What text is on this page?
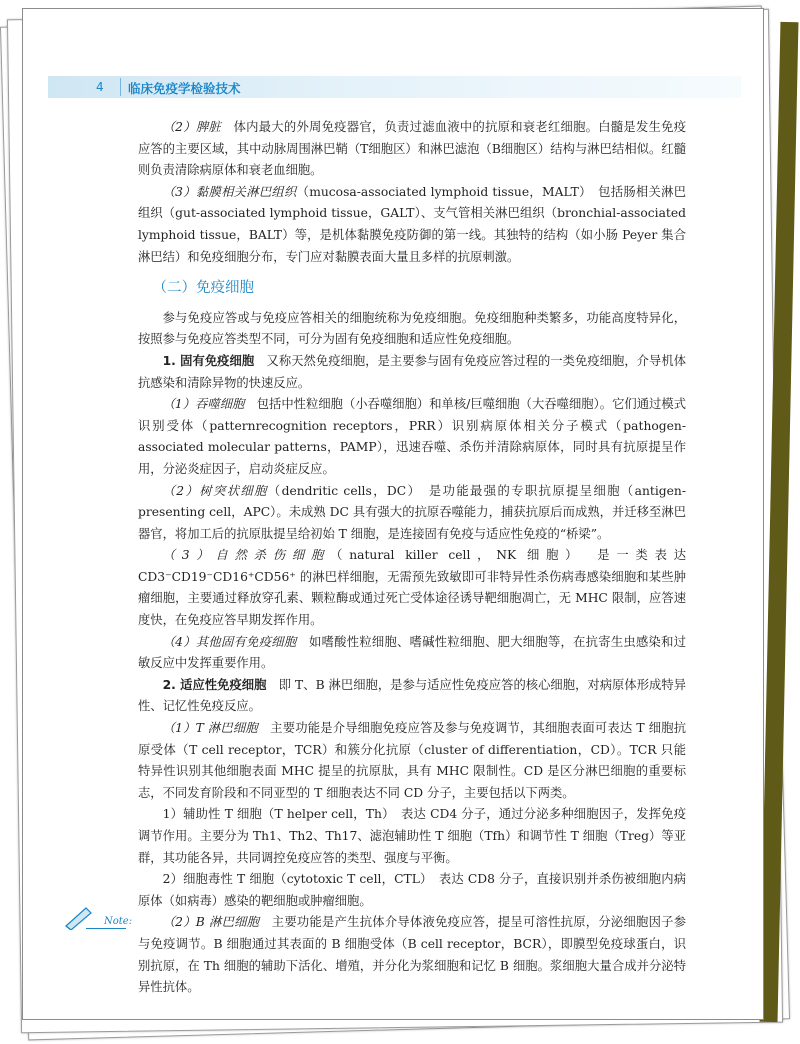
4 临床免疫学检验技术

（2）脾脏　体内最大的外周免疫器官，负责过滤血液中的抗原和衰老红细胞。白髓是发生免疫应答的主要区域，其中动脉周围淋巴鞘（T细胞区）和淋巴滤泡（B细胞区）结构与淋巴结相似。红髓则负责清除病原体和衰老血细胞。

（3）黏膜相关淋巴组织（mucosa-associated lymphoid tissue，MALT）　包括肠相关淋巴组织（gut-associated lymphoid tissue，GALT）、支气管相关淋巴组织（bronchial-associated lymphoid tissue，BALT）等，是机体黏膜免疫防御的第一线。其独特的结构（如小肠 Peyer 集合淋巴结）和免疫细胞分布，专门应对黏膜表面大量且多样的抗原刺激。

（二）免疫细胞

参与免疫应答或与免疫应答相关的细胞统称为免疫细胞。免疫细胞种类繁多，功能高度特异化，按照参与免疫应答类型不同，可分为固有免疫细胞和适应性免疫细胞。

1. 固有免疫细胞　又称天然免疫细胞，是主要参与固有免疫应答过程的一类免疫细胞，介导机体抗感染和清除异物的快速反应。

（1）吞噬细胞　包括中性粒细胞（小吞噬细胞）和单核/巨噬细胞（大吞噬细胞）。它们通过模式识别受体（patternrecognition receptors，PRR）识别病原体相关分子模式（pathogen-associated molecular patterns，PAMP），迅速吞噬、杀伤并清除病原体，同时具有抗原提呈作用，分泌炎症因子，启动炎症反应。

（2）树突状细胞（dendritic cells，DC）　是功能最强的专职抗原提呈细胞（antigen-presenting cell，APC）。未成熟 DC 具有强大的抗原吞噬能力，捕获抗原后而成熟，并迁移至淋巴器官，将加工后的抗原肽提呈给初始 T 细胞，是连接固有免疫与适应性免疫的“桥梁”。

（3）自然杀伤细胞（natural killer cell，NK 细胞）　是一类表达 CD3⁻CD19⁻CD16⁺CD56⁺ 的淋巴样细胞，无需预先致敏即可非特异性杀伤病毒感染细胞和某些肿瘤细胞，主要通过释放穿孔素、颗粒酶或通过死亡受体途径诱导靶细胞凋亡，无 MHC 限制，应答速度快，在免疫应答早期发挥作用。

（4）其他固有免疫细胞　如嗜酸性粒细胞、嗜碱性粒细胞、肥大细胞等，在抗寄生虫感染和过敏反应中发挥重要作用。

2. 适应性免疫细胞　即 T、B 淋巴细胞，是参与适应性免疫应答的核心细胞，对病原体形成特异性、记忆性免疫反应。

（1）T 淋巴细胞　主要功能是介导细胞免疫应答及参与免疫调节，其细胞表面可表达 T 细胞抗原受体（T cell receptor，TCR）和簇分化抗原（cluster of differentiation，CD）。TCR 只能特异性识别其他细胞表面 MHC 提呈的抗原肽，具有 MHC 限制性。CD 是区分淋巴细胞的重要标志，不同发育阶段和不同亚型的 T 细胞表达不同 CD 分子，主要包括以下两类。

1）辅助性 T 细胞（T helper cell，Th）　表达 CD4 分子，通过分泌多种细胞因子，发挥免疫调节作用。主要分为 Th1、Th2、Th17、滤泡辅助性 T 细胞（Tfh）和调节性 T 细胞（Treg）等亚群，其功能各异，共同调控免疫应答的类型、强度与平衡。

2）细胞毒性 T 细胞（cytotoxic T cell，CTL）　表达 CD8 分子，直接识别并杀伤被细胞内病原体（如病毒）感染的靶细胞或肿瘤细胞。

（2）B 淋巴细胞　主要功能是产生抗体介导体液免疫应答，提呈可溶性抗原，分泌细胞因子参与免疫调节。B 细胞通过其表面的 B 细胞受体（B cell receptor，BCR），即膜型免疫球蛋白，识别抗原，在 Th 细胞的辅助下活化、增殖，并分化为浆细胞和记忆 B 细胞。浆细胞大量合成并分泌特异性抗体。

Note:
